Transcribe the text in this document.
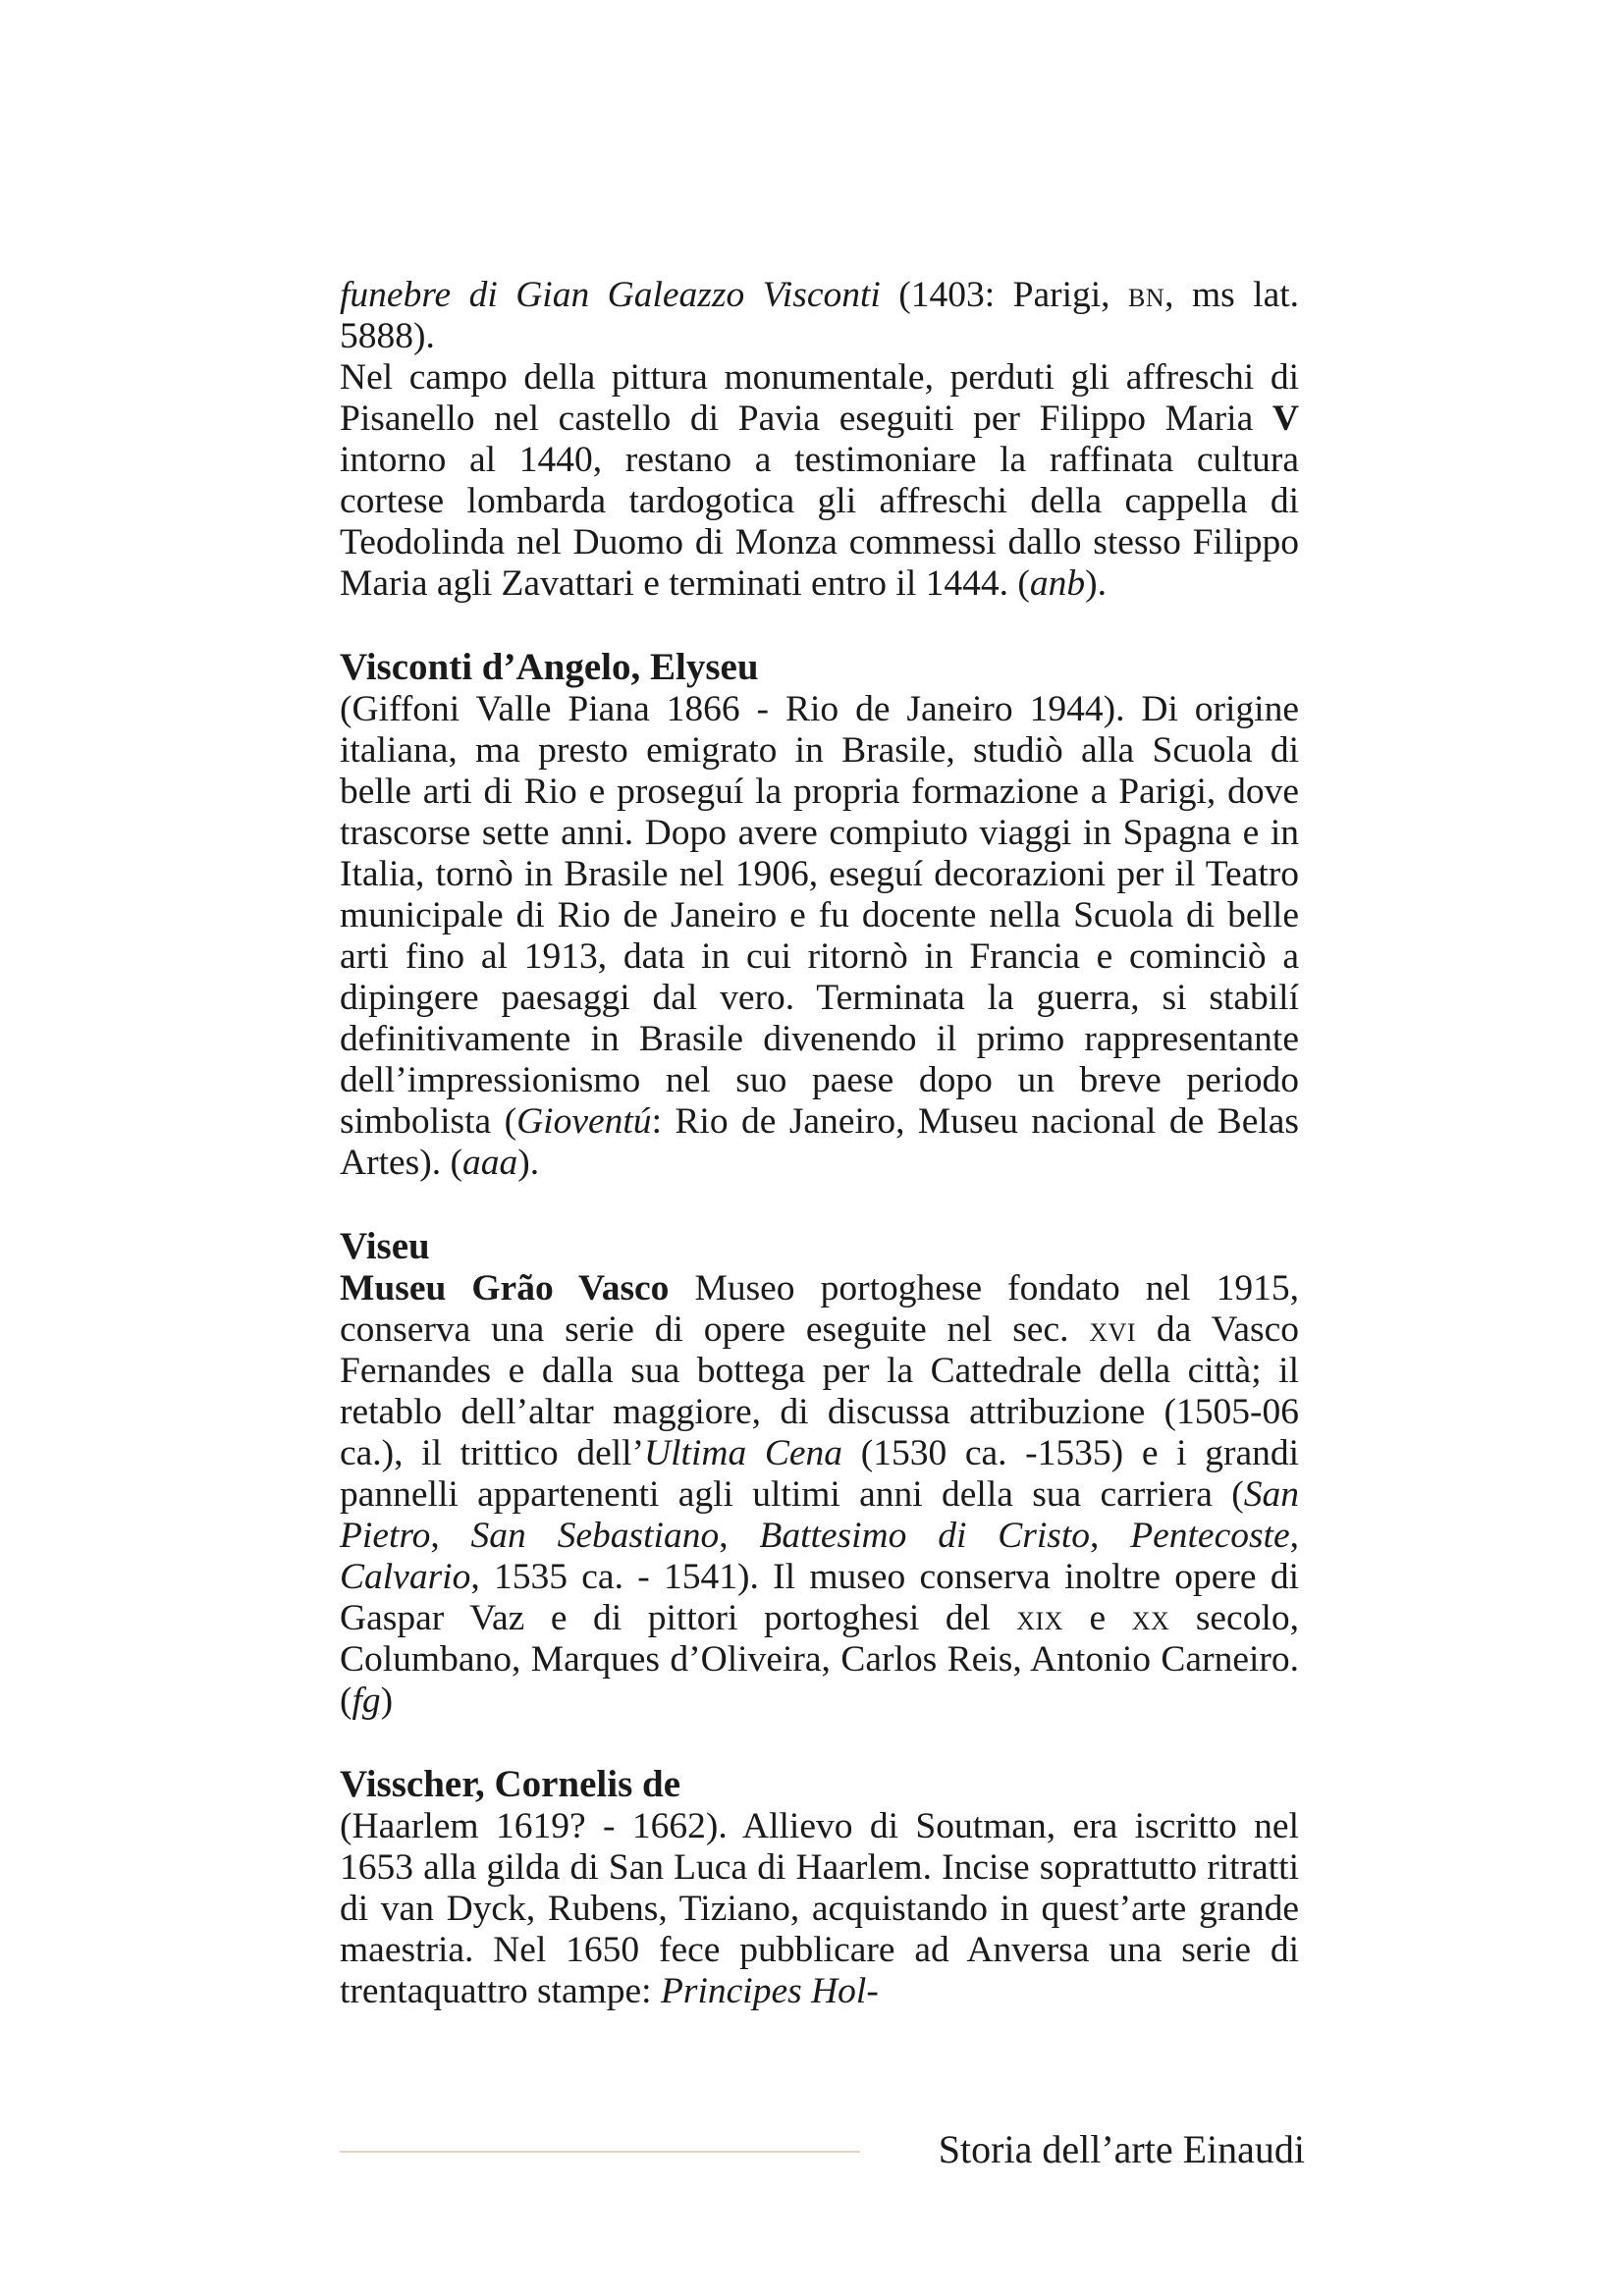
funebre di Gian Galeazzo Visconti (1403: Parigi, bn, ms lat. 5888).

Nel campo della pittura monumentale, perduti gli affreschi di Pisanello nel castello di Pavia eseguiti per Filippo Maria V intorno al 1440, restano a testimoniare la raffinata cultura cortese lombarda tardogotica gli affreschi della cappella di Teodolinda nel Duomo di Monza commessi dallo stesso Filippo Maria agli Zavattari e terminati entro il 1444. (anb).

Visconti d’Angelo, Elyseu

(Giffoni Valle Piana 1866 - Rio de Janeiro 1944). Di origine italiana, ma presto emigrato in Brasile, studiò alla Scuola di belle arti di Rio e proseguí la propria formazione a Parigi, dove trascorse sette anni. Dopo avere compiuto viaggi in Spagna e in Italia, tornò in Brasile nel 1906, eseguí decorazioni per il Teatro municipale di Rio de Janeiro e fu docente nella Scuola di belle arti fino al 1913, data in cui ritornò in Francia e cominciò a dipingere paesaggi dal vero. Terminata la guerra, si stabilí definitivamente in Brasile divenendo il primo rappresentante dell’impressionismo nel suo paese dopo un breve periodo simbolista (Gioventú: Rio de Janeiro, Museu nacional de Belas Artes). (aaa).

Viseu

Museu Grão Vasco Museo portoghese fondato nel 1915, conserva una serie di opere eseguite nel sec. xvi da Vasco Fernandes e dalla sua bottega per la Cattedrale della città; il retablo dell’altar maggiore, di discussa attribuzione (1505-06 ca.), il trittico dell’Ultima Cena (1530 ca. -1535) e i grandi pannelli appartenenti agli ultimi anni della sua carriera (San Pietro, San Sebastiano, Battesimo di Cristo, Pentecoste, Calvario, 1535 ca. - 1541). Il museo conserva inoltre opere di Gaspar Vaz e di pittori portoghesi del xix e xx secolo, Columbano, Marques d’Oliveira, Carlos Reis, Antonio Carneiro. (fg)

Visscher, Cornelis de

(Haarlem 1619? - 1662). Allievo di Soutman, era iscritto nel 1653 alla gilda di San Luca di Haarlem. Incise soprattutto ritratti di van Dyck, Rubens, Tiziano, acquistando in quest’arte grande maestria. Nel 1650 fece pubblicare ad Anversa una serie di trentaquattro stampe: Principes Hol-

Storia dell’arte Einaudi
